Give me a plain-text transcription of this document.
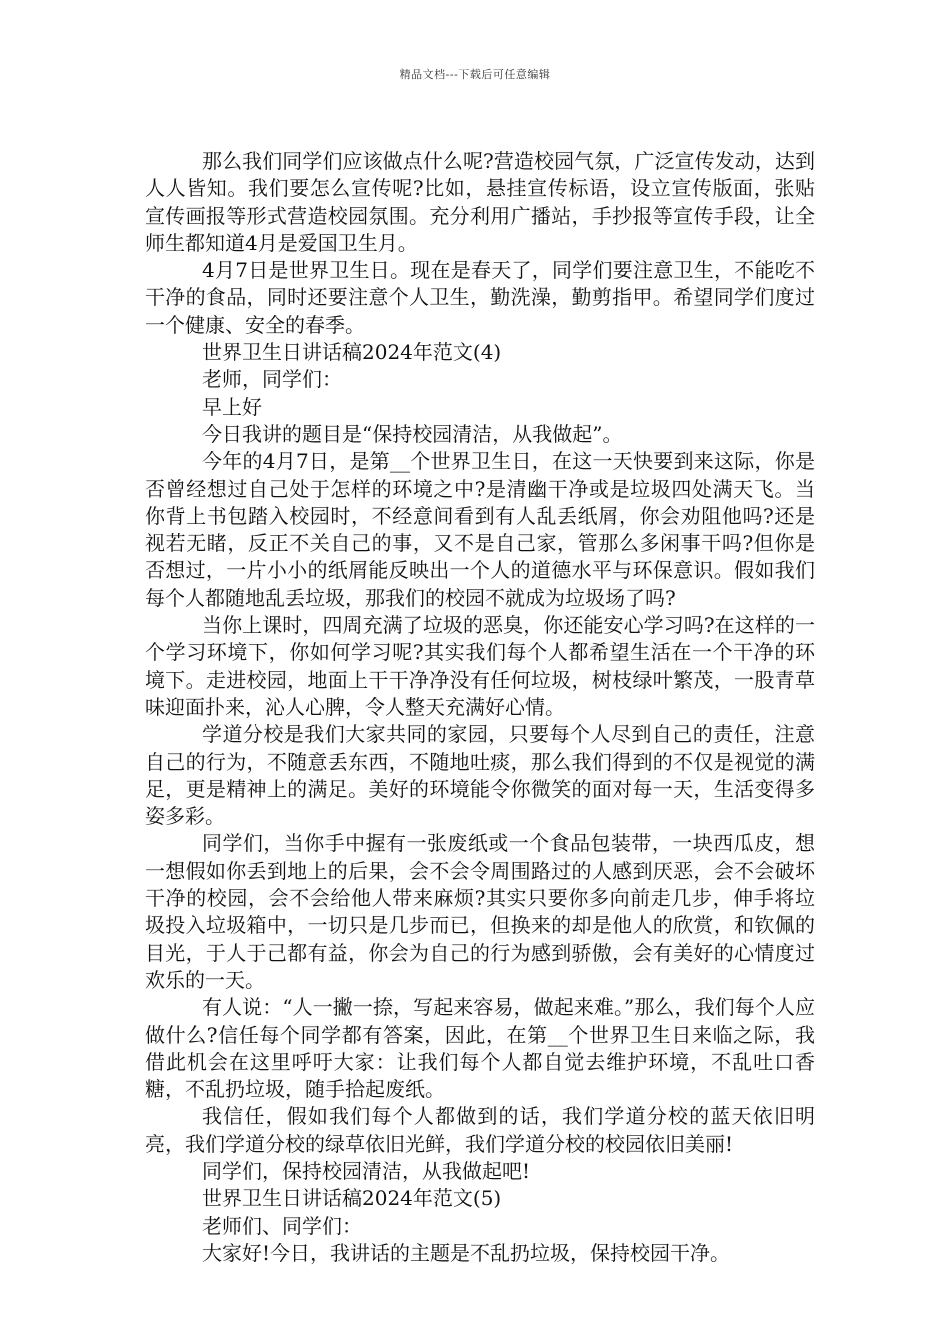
精品文档---下载后可任意编辑

那么我们同学们应该做点什么呢?营造校园气氛，广泛宣传发动，达到人人皆知。我们要怎么宣传呢?比如，悬挂宣传标语，设立宣传版面，张贴宣传画报等形式营造校园氛围。充分利用广播站，手抄报等宣传手段，让全师生都知道4月是爱国卫生月。

4月7日是世界卫生日。现在是春天了，同学们要注意卫生，不能吃不干净的食品，同时还要注意个人卫生，勤洗澡，勤剪指甲。希望同学们度过一个健康、安全的春季。

世界卫生日讲话稿2024年范文(4)

老师，同学们：

早上好

今日我讲的题目是“保持校园清洁，从我做起”。

今年的4月7日，是第__个世界卫生日，在这一天快要到来这际，你是否曾经想过自己处于怎样的环境之中?是清幽干净或是垃圾四处满天飞。当你背上书包踏入校园时，不经意间看到有人乱丢纸屑，你会劝阻他吗?还是视若无睹，反正不关自己的事，又不是自己家，管那么多闲事干吗?但你是否想过，一片小小的纸屑能反映出一个人的道德水平与环保意识。假如我们每个人都随地乱丢垃圾，那我们的校园不就成为垃圾场了吗?

当你上课时，四周充满了垃圾的恶臭，你还能安心学习吗?在这样的一个学习环境下，你如何学习呢?其实我们每个人都希望生活在一个干净的环境下。走进校园，地面上干干净净没有任何垃圾，树枝绿叶繁茂，一股青草味迎面扑来，沁人心脾，令人整天充满好心情。

学道分校是我们大家共同的家园，只要每个人尽到自己的责任，注意自己的行为，不随意丢东西，不随地吐痰，那么我们得到的不仅是视觉的满足，更是精神上的满足。美好的环境能令你微笑的面对每一天，生活变得多姿多彩。

同学们，当你手中握有一张废纸或一个食品包装带，一块西瓜皮，想一想假如你丢到地上的后果，会不会令周围路过的人感到厌恶，会不会破坏干净的校园，会不会给他人带来麻烦?其实只要你多向前走几步，伸手将垃圾投入垃圾箱中，一切只是几步而已，但换来的却是他人的欣赏，和钦佩的目光，于人于己都有益，你会为自己的行为感到骄傲，会有美好的心情度过欢乐的一天。

有人说：“人一撇一捺，写起来容易，做起来难。”那么，我们每个人应做什么?信任每个同学都有答案，因此，在第__个世界卫生日来临之际，我借此机会在这里呼吁大家：让我们每个人都自觉去维护环境，不乱吐口香糖，不乱扔垃圾，随手拾起废纸。

我信任，假如我们每个人都做到的话，我们学道分校的蓝天依旧明亮，我们学道分校的绿草依旧光鲜，我们学道分校的校园依旧美丽!

同学们，保持校园清洁，从我做起吧!

世界卫生日讲话稿2024年范文(5)

老师们、同学们：

大家好!今日，我讲话的主题是不乱扔垃圾，保持校园干净。
